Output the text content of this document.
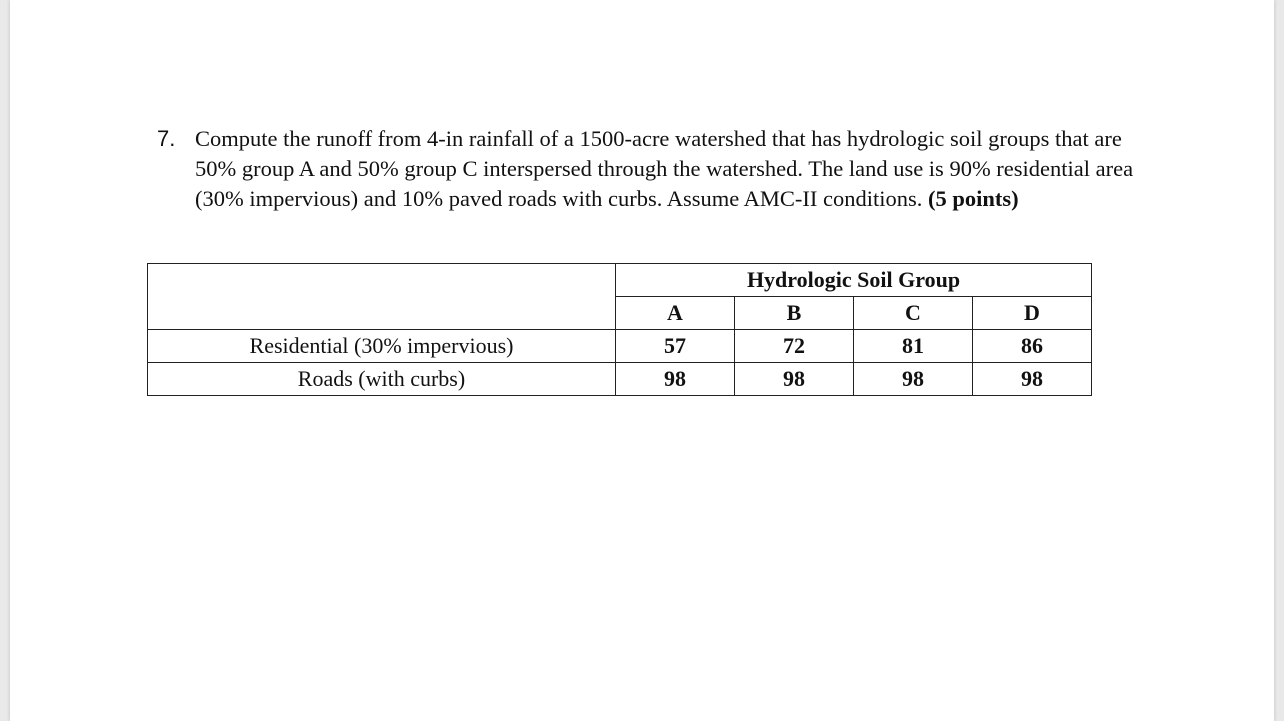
7. Compute the runoff from 4-in rainfall of a 1500-acre watershed that has hydrologic soil groups that are 50% group A and 50% group C interspersed through the watershed. The land use is 90% residential area (30% impervious) and 10% paved roads with curbs. Assume AMC-II conditions. (5 points)
	Hydrologic Soil Group			
	A	B	C	D
Residential (30% impervious)	57	72	81	86
Roads (with curbs)	98	98	98	98
